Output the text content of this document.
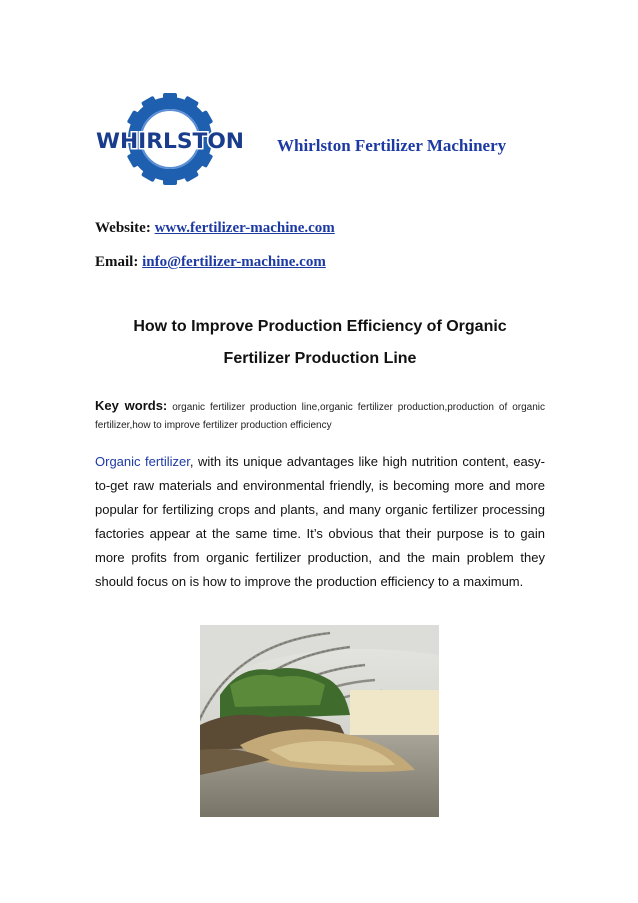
WHIRLSTON Whirlston Fertilizer Machinery
Website: www.fertilizer-machine.com
Email: info@fertilizer-machine.com
How to Improve Production Efficiency of Organic
Fertilizer Production Line
Key words: organic fertilizer production line,organic fertilizer production,production of organic fertilizer,how to improve fertilizer production efficiency
Organic fertilizer, with its unique advantages like high nutrition content, easy-to-get raw materials and environmental friendly, is becoming more and more popular for fertilizing crops and plants, and many organic fertilizer processing factories appear at the same time. It’s obvious that their purpose is to gain more profits from organic fertilizer production, and the main problem they should focus on is how to improve the production efficiency to a maximum.
